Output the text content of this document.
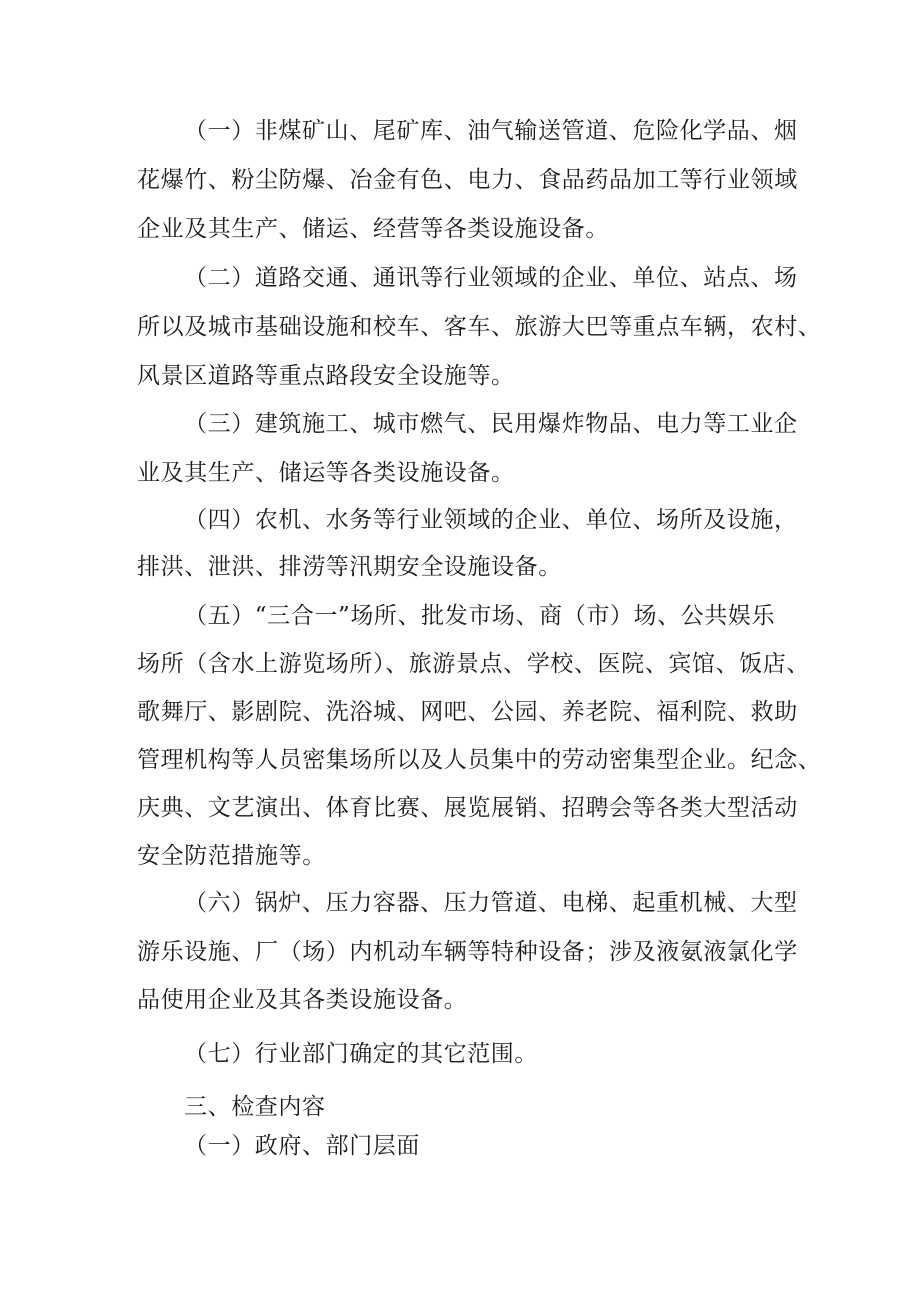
（一）非煤矿山、尾矿库、油气输送管道、危险化学品、烟

花爆竹、粉尘防爆、冶金有色、电力、食品药品加工等行业领域

企业及其生产、储运、经营等各类设施设备。

（二）道路交通、通讯等行业领域的企业、单位、站点、场

所以及城市基础设施和校车、客车、旅游大巴等重点车辆，农村、

风景区道路等重点路段安全设施等。

（三）建筑施工、城市燃气、民用爆炸物品、电力等工业企

业及其生产、储运等各类设施设备。

（四）农机、水务等行业领域的企业、单位、场所及设施，

排洪、泄洪、排涝等汛期安全设施设备。

（五）“三合一”场所、批发市场、商（市）场、公共娱乐

场所（含水上游览场所）、旅游景点、学校、医院、宾馆、饭店、

歌舞厅、影剧院、洗浴城、网吧、公园、养老院、福利院、救助

管理机构等人员密集场所以及人员集中的劳动密集型企业。纪念、

庆典、文艺演出、体育比赛、展览展销、招聘会等各类大型活动

安全防范措施等。

（六）锅炉、压力容器、压力管道、电梯、起重机械、大型

游乐设施、厂（场）内机动车辆等特种设备；涉及液氨液氯化学

品使用企业及其各类设施设备。

（七）行业部门确定的其它范围。

三、检查内容

（一）政府、部门层面
